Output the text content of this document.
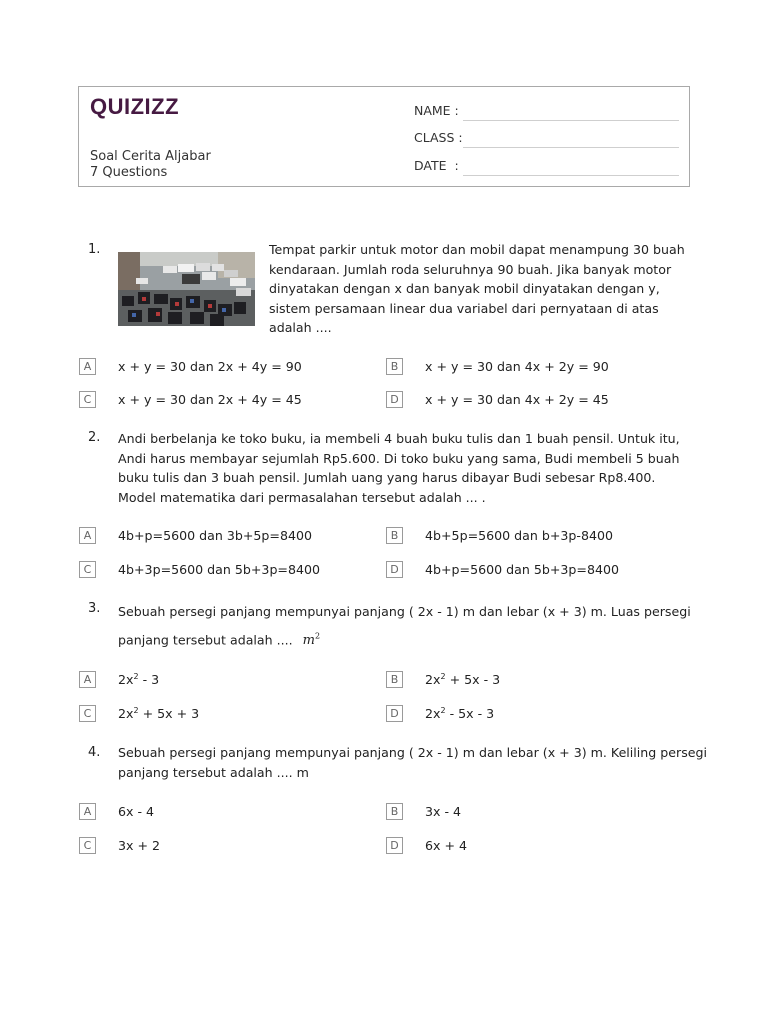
QUIZIZZ
Soal Cerita Aljabar
7 Questions
NAME :
CLASS :
DATE  :
1.	Tempat parkir untuk motor dan mobil dapat menampung 30 buah
kendaraan. Jumlah roda seluruhnya 90 buah. Jika banyak motor
dinyatakan dengan x dan banyak mobil dinyatakan dengan y,
sistem persamaan linear dua variabel dari pernyataan di atas
adalah ....
A	x + y = 30 dan 2x + 4y = 90	B	x + y = 30 dan 4x + 2y = 90
C	x + y = 30 dan 2x + 4y = 45	D	x + y = 30 dan 4x + 2y = 45
2. Andi berbelanja ke toko buku, ia membeli 4 buah buku tulis dan 1 buah pensil. Untuk itu,
Andi harus membayar sejumlah Rp5.600. Di toko buku yang sama, Budi membeli 5 buah
buku tulis dan 3 buah pensil. Jumlah uang yang harus dibayar Budi sebesar Rp8.400.
Model matematika dari permasalahan tersebut adalah ... .
A	4b+p=5600 dan 3b+5p=8400	B	4b+5p=5600 dan b+3p-8400
C	4b+3p=5600 dan 5b+3p=8400	D	4b+p=5600 dan 5b+3p=8400
3. Sebuah persegi panjang mempunyai panjang ( 2x - 1) m dan lebar (x + 3) m. Luas persegi
panjang tersebut adalah .... $m^2$
A	$2x^2 - 3$	B	$2x^2 + 5x - 3$
C	$2x^2 + 5x + 3$	D	$2x^2 - 5x - 3$
4. Sebuah persegi panjang mempunyai panjang ( 2x - 1) m dan lebar (x + 3) m. Keliling persegi
panjang tersebut adalah .... m
A	6x - 4	B	3x - 4
C	3x + 2	D	6x + 4
